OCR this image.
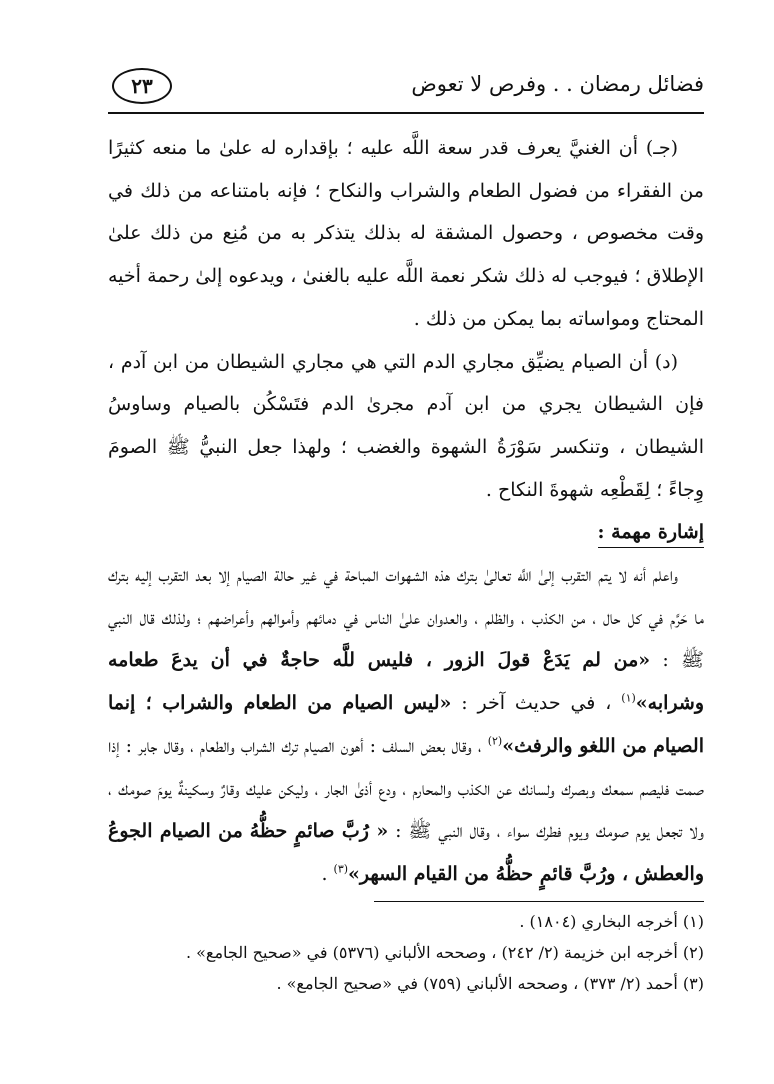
فضائل رمضان . . وفرص لا تعوض
٢٣

(جـ) أن الغنيَّ يعرف قدر سعة اللَّه عليه ؛ بإقداره له علىٰ ما منعه كثيرًا من الفقراء من فضول الطعام والشراب والنكاح ؛ فإنه بامتناعه من ذلك في وقت مخصوص ، وحصول المشقة له بذلك يتذكر به من مُنِع من ذلك علىٰ الإطلاق ؛ فيوجب له ذلك شكر نعمة اللَّه عليه بالغنىٰ ، ويدعوه إلىٰ رحمة أخيه المحتاج ومواساته بما يمكن من ذلك .

(د) أن الصيام يضيِّق مجاري الدم التي هي مجاري الشيطان من ابن آدم ، فإن الشيطان يجري من ابن آدم مجرىٰ الدم فتَسْكُن بالصيام وساوسُ الشيطان ، وتنكسر سَوْرَةُ الشهوة والغضب ؛ ولهذا جعل النبيُّ ﷺ الصومَ وِجاءً ؛ لِقَطْعِه شهوةَ النكاح .

إشارة مهمة :

واعلم أنه لا يتم التقرب إلىٰ اللَّه تعالىٰ بترك هذه الشهوات المباحة في غير حالة الصيام إلا بعد التقرب إليه بترك ما حَرَّم في كل حال ، من الكذب ، والظلم ، والعدوان علىٰ الناس في دمائهم وأموالهم وأعراضهم ؛ ولذلك قال النبي ﷺ : «من لم يَدَعْ قولَ الزور ، فليس للَّه حاجةٌ في أن يدعَ طعامه وشرابه»$^{(١)}$ ، في حديث آخر : «ليس الصيام من الطعام والشراب ؛ إنما الصيام من اللغو والرفث»$^{(٢)}$ ، وقال بعض السلف : أهون الصيام ترك الشراب والطعام ، وقال جابر : إذا صمت فليصم سمعك وبصرك ولسانك عن الكذب والمحارم ، ودع أذىٰ الجار ، وليكن عليك وقارٌ وسكينةٌ يومَ صومك ، ولا تجعل يوم صومك ويوم فطرك سواء ، وقال النبي ﷺ : « رُبَّ صائمٍ حظُّهُ من الصيام الجوعُ والعطش ، ورُبَّ قائمٍ حظُّهُ من القيام السهر»$^{(٣)}$ .

(١) أخرجه البخاري (١٨٠٤) .
(٢) أخرجه ابن خزيمة (٢/ ٢٤٢) ، وصححه الألباني (٥٣٧٦) في «صحيح الجامع» .
(٣) أحمد (٢/ ٣٧٣) ، وصححه الألباني (٧٥٩) في «صحيح الجامع» .
